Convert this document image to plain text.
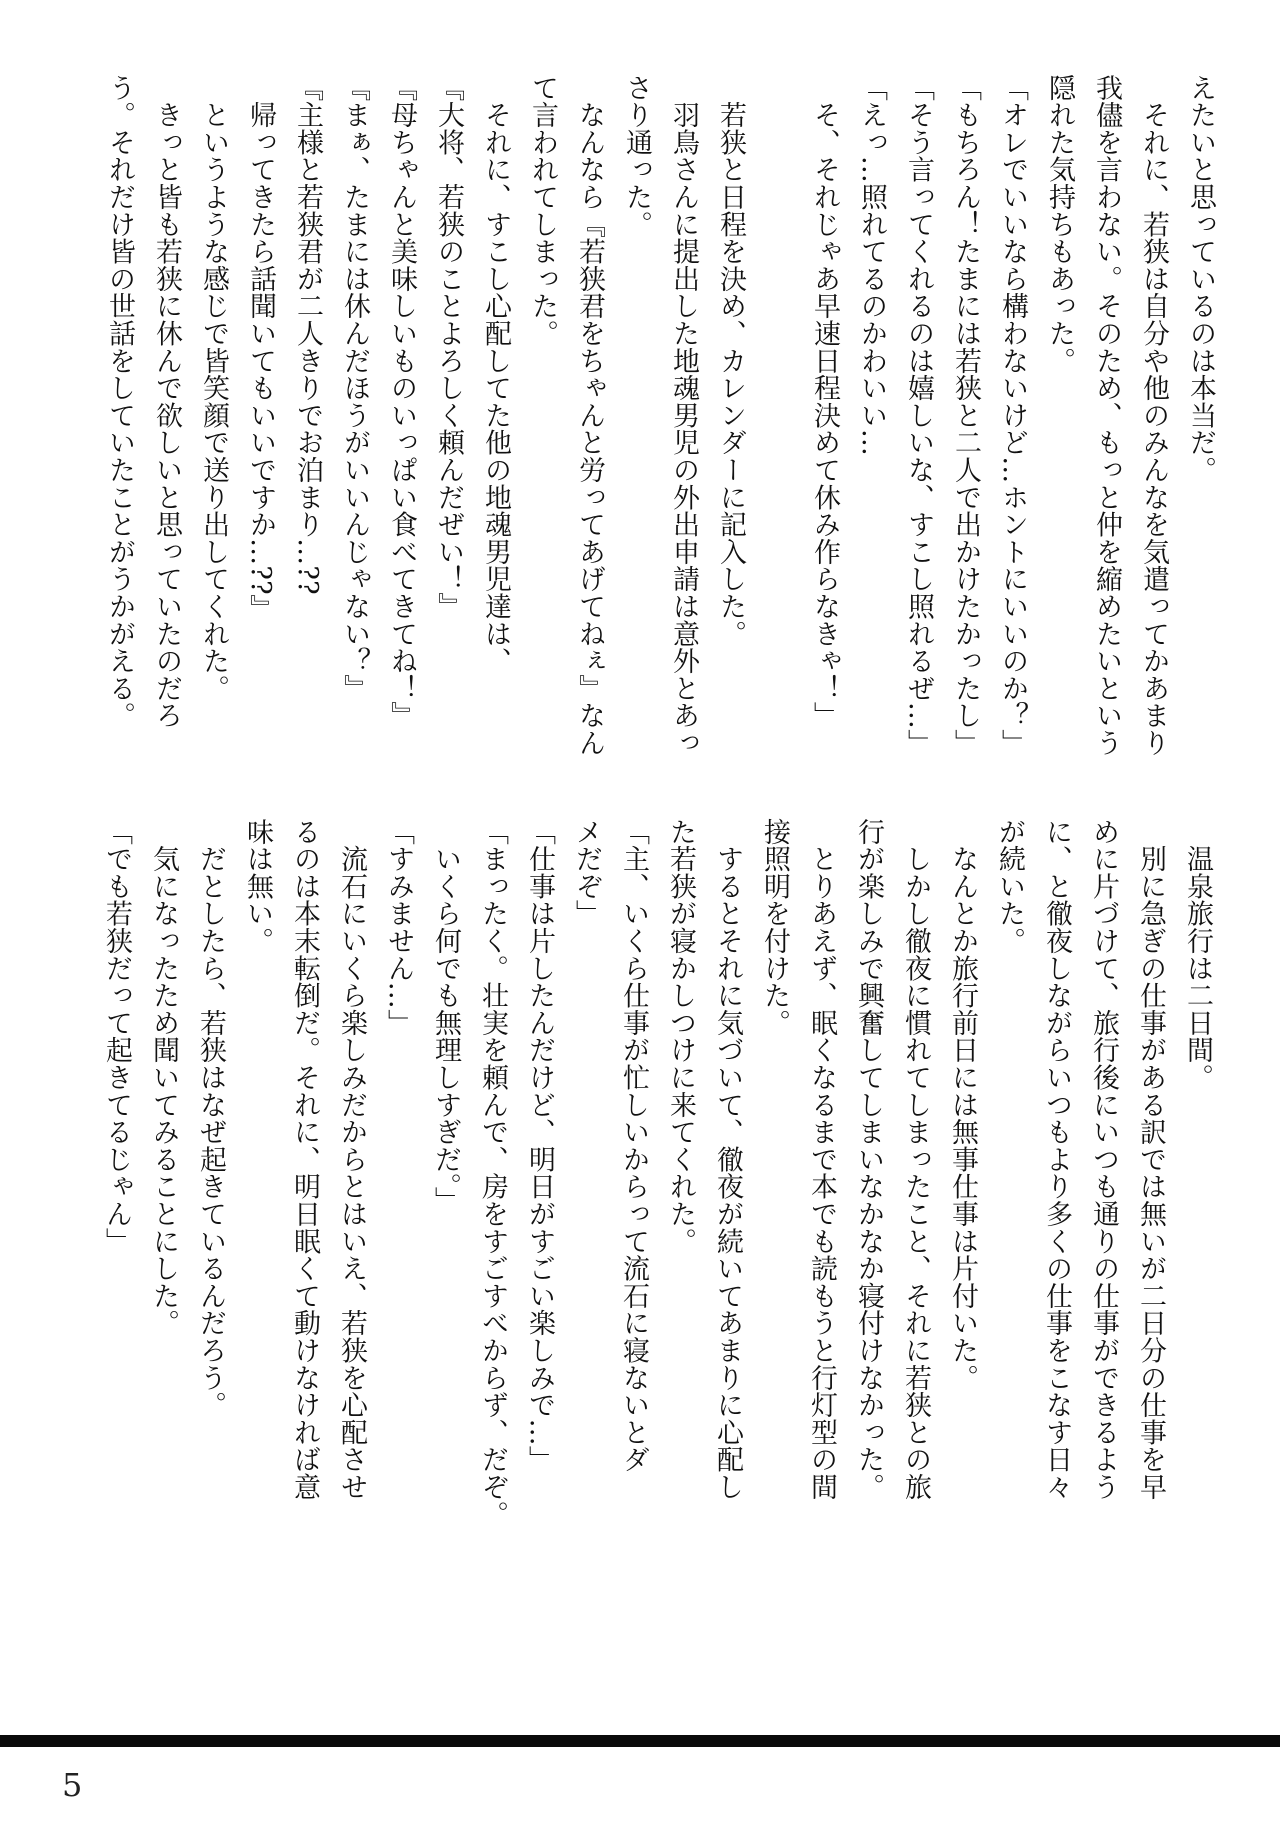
えたいと思っているのは本当だ。
　それに、若狭は自分や他のみんなを気遣ってかあまり
我儘を言わない。そのため、もっと仲を縮めたいという
隠れた気持ちもあった。
「オレでいいなら構わないけど…ホントにいいのか？」
「もちろん！たまには若狭と二人で出かけたかったし」
「そう言ってくれるのは嬉しいな、すこし照れるぜ…」
「えっ…照れてるのかわいい…
　そ、それじゃあ早速日程決めて休み作らなきゃ！」

　若狭と日程を決め、カレンダーに記入した。
　羽鳥さんに提出した地魂男児の外出申請は意外とあっ
さり通った。
　なんなら『若狭君をちゃんと労ってあげてねぇ』なん
て言われてしまった。
　それに、すこし心配してた他の地魂男児達は、
『大将、若狭のことよろしく頼んだぜい！』
『母ちゃんと美味しいものいっぱい食べてきてね！』
『まぁ、たまには休んだほうがいいんじゃない？』
『主様と若狭君が二人きりでお泊まり…??
　帰ってきたら話聞いてもいいですか…??』
　というような感じで皆笑顔で送り出してくれた。
　きっと皆も若狭に休んで欲しいと思っていたのだろ
う。それだけ皆の世話をしていたことがうかがえる。
　温泉旅行は二日間。
　別に急ぎの仕事がある訳では無いが二日分の仕事を早
めに片づけて、旅行後にいつも通りの仕事ができるよう
に、と徹夜しながらいつもより多くの仕事をこなす日々
が続いた。
　なんとか旅行前日には無事仕事は片付いた。
　しかし徹夜に慣れてしまったこと、それに若狭との旅
行が楽しみで興奮してしまいなかなか寝付けなかった。
　とりあえず、眠くなるまで本でも読もうと行灯型の間
接照明を付けた。
　するとそれに気づいて、徹夜が続いてあまりに心配し
た若狭が寝かしつけに来てくれた。
「主、いくら仕事が忙しいからって流石に寝ないとダ
メだぞ」
「仕事は片したんだけど、明日がすごい楽しみで…」
「まったく。壮実を頼んで、房をすごすべからず、だぞ。
　いくら何でも無理しすぎだ。」
「すみません…」
　流石にいくら楽しみだからとはいえ、若狭を心配させ
るのは本末転倒だ。それに、明日眠くて動けなければ意
味は無い。
　だとしたら、若狭はなぜ起きているんだろう。
　気になったため聞いてみることにした。
「でも若狭だって起きてるじゃん」
5
